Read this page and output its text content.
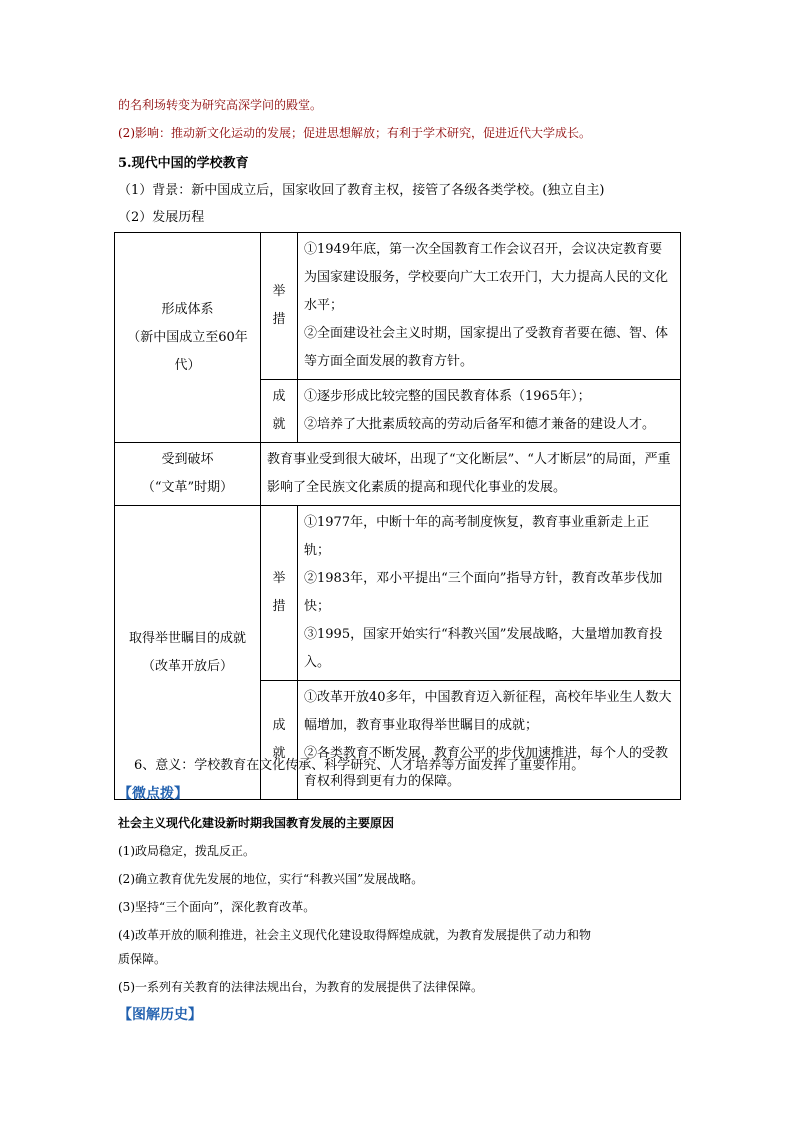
的名利场转变为研究高深学问的殿堂。
(2)影响：推动新文化运动的发展；促进思想解放；有利于学术研究，促进近代大学成长。
5.现代中国的学校教育
（1）背景：新中国成立后，国家收回了教育主权，接管了各级各类学校。(独立自主)
（2）发展历程
形成体系
（新中国成立至60年代）	举措	①1949年底，第一次全国教育工作会议召开，会议决定教育要为国家建设服务，学校要向广大工农开门，大力提高人民的文化水平；
②全面建设社会主义时期，国家提出了受教育者要在德、智、体等方面全面发展的教育方针。

	成就	①逐步形成比较完整的国民教育体系（1965年）；
②培养了大批素质较高的劳动后备军和德才兼备的建设人才。

受到破坏
（“文革”时期）	教育事业受到很大破坏，出现了“文化断层”、“人才断层”的局面，严重影响了全民族文化素质的提高和现代化事业的发展。	

取得举世瞩目的成就
（改革开放后）	举措	①1977年，中断十年的高考制度恢复，教育事业重新走上正轨；
②1983年，邓小平提出“三个面向”指导方针，教育改革步伐加快；
③1995，国家开始实行“科教兴国”发展战略，大量增加教育投入。

	成就	①改革开放40多年，中国教育迈入新征程，高校年毕业生人数大幅增加，教育事业取得举世瞩目的成就；
②各类教育不断发展，教育公平的步伐加速推进，每个人的受教育权利得到更有力的保障。
6、意义：学校教育在文化传承、科学研究、人才培养等方面发挥了重要作用。
【微点拨】
社会主义现代化建设新时期我国教育发展的主要原因
(1)政局稳定，拨乱反正。
(2)确立教育优先发展的地位，实行“科教兴国”发展战略。
(3)坚持“三个面向”，深化教育改革。
(4)改革开放的顺利推进，社会主义现代化建设取得辉煌成就，为教育发展提供了动力和物
质保障。
(5)一系列有关教育的法律法规出台，为教育的发展提供了法律保障。
【图解历史】
